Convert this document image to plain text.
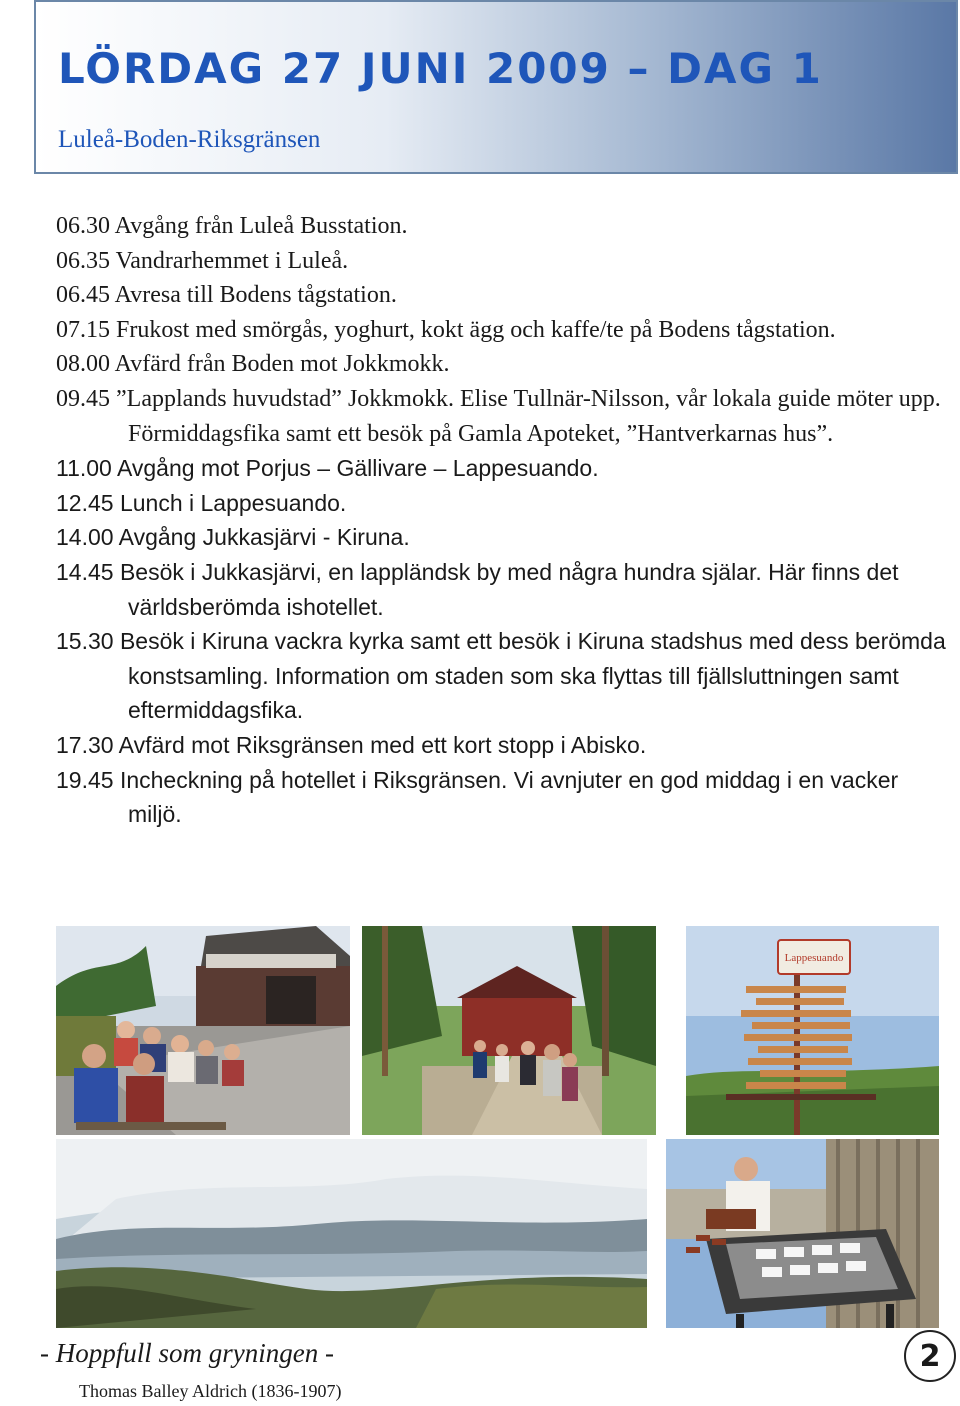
LÖRDAG 27 JUNI 2009 – DAG 1
Luleå-Boden-Riksgränsen
06.30 Avgång från Luleå Busstation.
06.35 Vandrarhemmet i Luleå.
06.45 Avresa till Bodens tågstation.
07.15 Frukost med smörgås, yoghurt, kokt ägg och kaffe/te på Bodens tågstation.
08.00 Avfärd från Boden mot Jokkmokk.
09.45 ”Lapplands huvudstad” Jokkmokk. Elise Tullnär-Nilsson, vår lokala guide möter upp. Förmiddagsfika samt ett besök på Gamla Apoteket, ”Hantverkarnas hus”.
11.00 Avgång mot Porjus – Gällivare – Lappesuando.
12.45 Lunch i Lappesuando.
14.00 Avgång Jukkasjärvi - Kiruna.
14.45 Besök i Jukkasjärvi, en lappländsk by med några hundra själar. Här finns det världsberömda ishotellet.
15.30 Besök i Kiruna vackra kyrka samt ett besök i Kiruna stadshus med dess berömda konstsamling. Information om staden som ska flyttas till fjällsluttningen samt eftermiddagsfika.
17.30 Avfärd mot Riksgränsen med ett kort stopp i Abisko.
19.45 Incheckning på hotellet i Riksgränsen. Vi avnjuter en god middag i en vacker miljö.
Lappesuando
- Hoppfull som gryningen -
Thomas Balley Aldrich (1836-1907)
2
